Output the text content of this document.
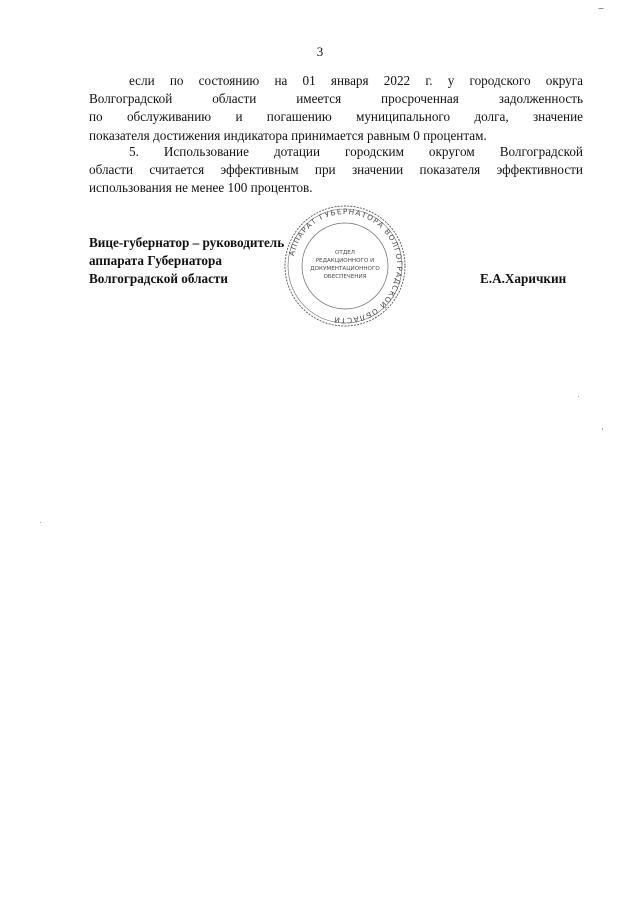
3
если по состоянию на 01 января 2022 г. у городского округа
Волгоградской области имеется просроченная задолженность
по обслуживанию и погашению муниципального долга, значение
показателя достижения индикатора принимается равным 0 процентам.
5. Использование дотации городским округом Волгоградской
области считается эффективным при значении показателя эффективности
использования не менее 100 процентов.
АППАРАТ ГУБЕРНАТОРА ВОЛГОГРАДСКОЙ ОБЛАСТИ
ОТДЕЛ
РЕДАКЦИОННОГО И
ДОКУМЕНТАЦИОННОГО
ОБЕСПЕЧЕНИЯ
Вице-губернатор – руководитель
аппарата Губернатора
Волгоградской области	Е.А.Харичкин
